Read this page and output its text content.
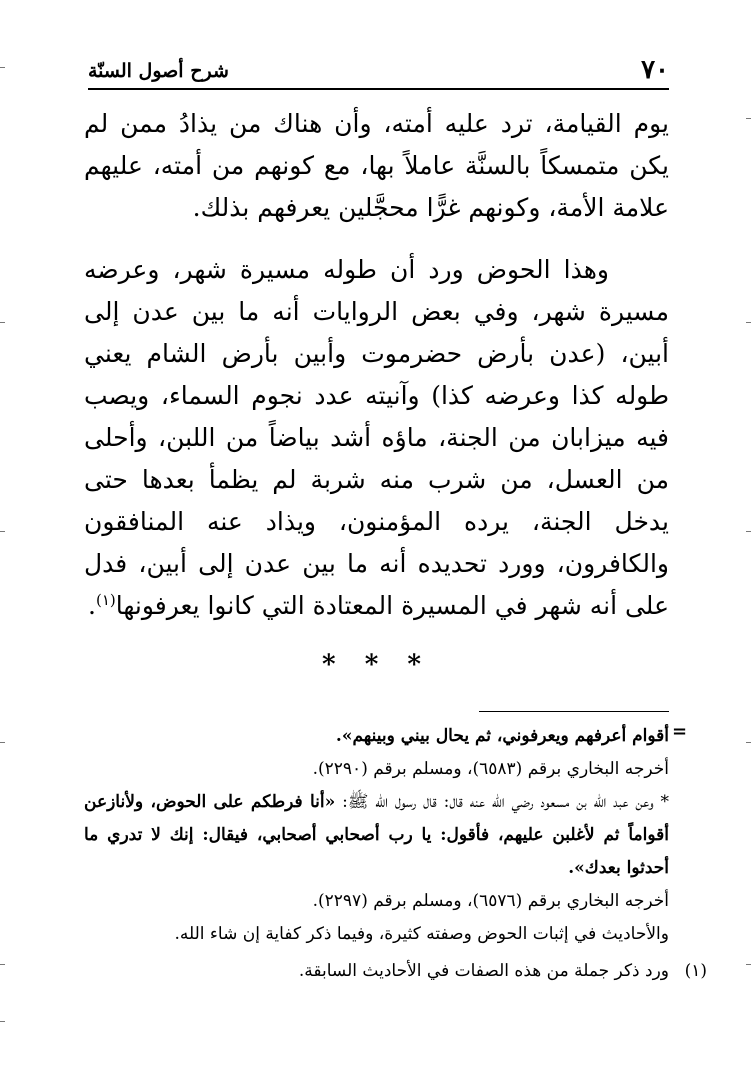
٧٠
شرح أصول السنّة

يوم القيامة، ترد عليه أمته، وأن هناك من يذادُ ممن لم يكن متمسكاً بالسنَّة عاملاً بها، مع كونهم من أمته، عليهم علامة الأمة، وكونهم غرًّا محجَّلين يعرفهم بذلك.

وهذا الحوض ورد أن طوله مسيرة شهر، وعرضه مسيرة شهر، وفي بعض الروايات أنه ما بين عدن إلى أبين، (عدن بأرض حضرموت وأبين بأرض الشام يعني طوله كذا وعرضه كذا) وآنيته عدد نجوم السماء، ويصب فيه ميزابان من الجنة، ماؤه أشد بياضاً من اللبن، وأحلى من العسل، من شرب منه شربة لم يظمأ بعدها حتى يدخل الجنة، يرده المؤمنون، ويذاد عنه المنافقون والكافرون، وورد تحديده أنه ما بين عدن إلى أبين، فدل على أنه شهر في المسيرة المعتادة التي كانوا يعرفونها$^{(١)}$.

* * *
=

أقوام أعرفهم ويعرفوني، ثم يحال بيني وبينهم».

أخرجه البخاري برقم (٦٥٨٣)، ومسلم برقم (٢٢٩٠).

* وعن عبد الله بن مسعود رضي الله عنه قال: قال رسول الله ﷺ: «أنا فرطكم على الحوض، ولأنازعن أقواماً ثم لأغلبن عليهم، فأقول: يا رب أصحابي أصحابي، فيقال: إنك لا تدري ما أحدثوا بعدك».

أخرجه البخاري برقم (٦٥٧٦)، ومسلم برقم (٢٢٩٧).

والأحاديث في إثبات الحوض وصفته كثيرة، وفيما ذكر كفاية إن شاء الله.

(١)
ورد ذكر جملة من هذه الصفات في الأحاديث السابقة.
